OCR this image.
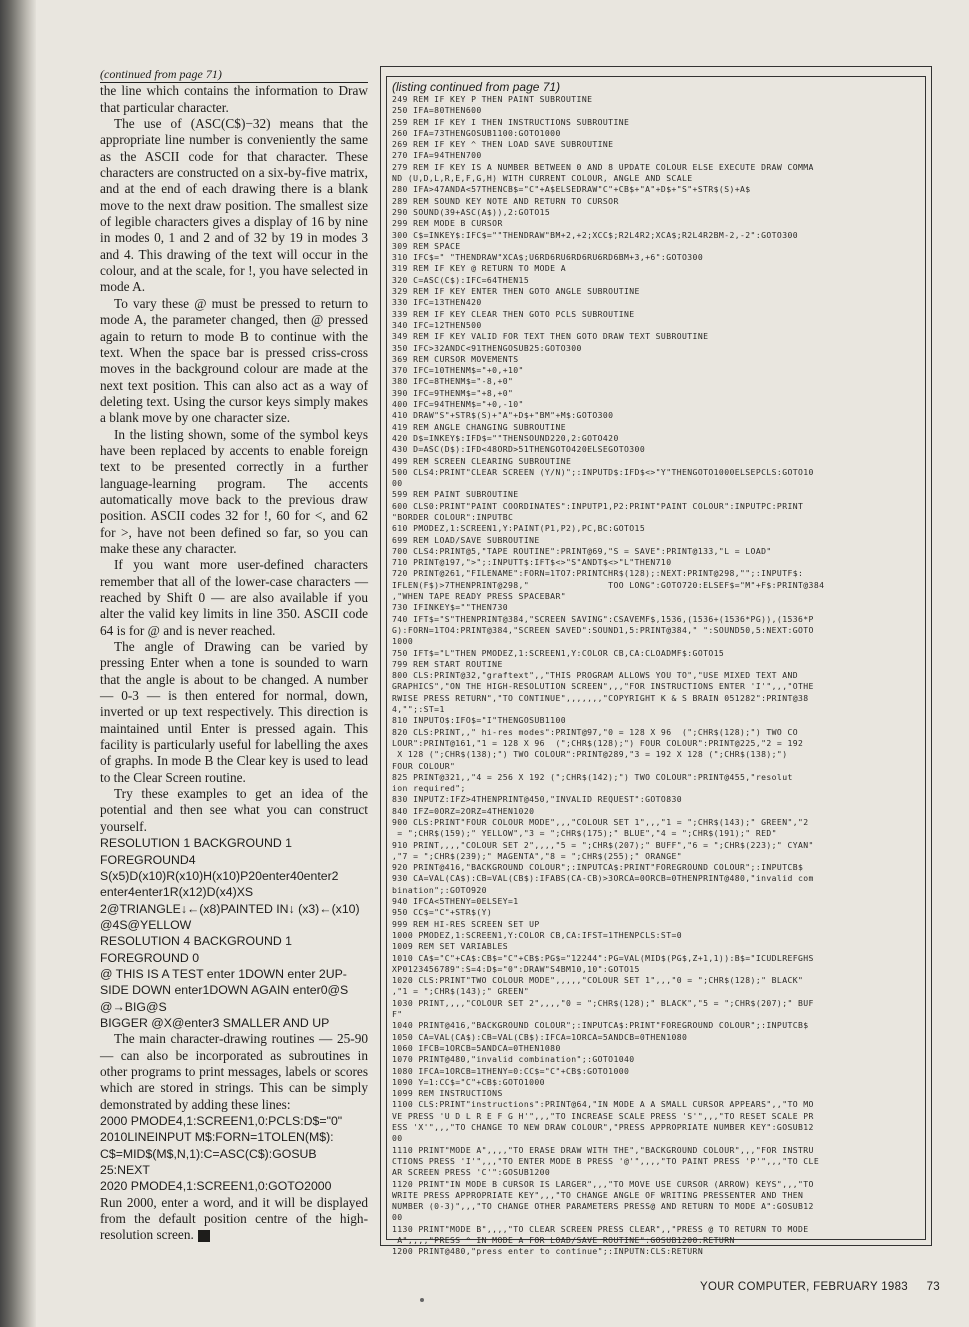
(continued from page 71)

the line which contains the information to Draw that particular character.

The use of (ASC(C$)−32) means that the appropriate line number is conveniently the same as the ASCII code for that character. These characters are constructed on a six-by-five matrix, and at the end of each drawing there is a blank move to the next draw position. The smallest size of legible characters gives a display of 16 by nine in modes 0, 1 and 2 and of 32 by 19 in modes 3 and 4. This drawing of the text will occur in the colour, and at the scale, for !, you have selected in mode A.

To vary these @ must be pressed to return to mode A, the parameter changed, then @ pressed again to return to mode B to continue with the text. When the space bar is pressed criss-cross moves in the background colour are made at the next text position. This can also act as a way of deleting text. Using the cursor keys simply makes a blank move by one character size.

In the listing shown, some of the symbol keys have been replaced by accents to enable foreign text to be presented correctly in a further language-learning program. The accents automatically move back to the previous draw position. ASCII codes 32 for !, 60 for <, and 62 for >, have not been defined so far, so you can make these any character.

If you want more user-defined characters remember that all of the lower-case characters — reached by Shift 0 — are also available if you alter the valid key limits in line 350. ASCII code 64 is for @ and is never reached.

The angle of Drawing can be varied by pressing Enter when a tone is sounded to warn that the angle is about to be changed. A number — 0-3 — is then entered for normal, down, inverted or up text respectively. This direction is maintained until Enter is pressed again. This facility is particularly useful for labelling the axes of graphs. In mode B the Clear key is used to lead to the Clear Screen routine.

Try these examples to get an idea of the potential and then see what you can construct yourself.

RESOLUTION 1 BACKGROUND 1 FOREGROUND4

S(x5)D(x10)R(x10)H(x10)P20enter40enter2 enter4enter1R(x12)D(x4)XS

2@TRIANGLE↓←(x8)PAINTED IN↓ (x3)←(x10) @4S@YELLOW

RESOLUTION 4 BACKGROUND 1 FOREGROUND 0

@ THIS IS A TEST enter 1DOWN enter 2UP-SIDE DOWN enter1DOWN AGAIN enter0@S @→BIG@S

BIGGER @X@enter3 SMALLER AND UP

The main character-drawing routines — 25-90 — can also be incorporated as subroutines in other programs to print messages, labels or scores which are stored in strings. This can be simply demonstrated by adding these lines:

2000 PMODE4,1:SCREEN1,0:PCLS:D$="0"

2010LINEINPUT M$:FORN=1TOLEN(M$): C$=MID$(M$,N,1):C=ASC(C$):GOSUB 25:NEXT

2020 PMODE4,1:SCREEN1,0:GOTO2000

Run 2000, enter a word, and it will be displayed from the default position centre of the high-resolution screen.

(listing continued from page 71)
249 REM IF KEY P THEN PAINT SUBROUTINE
250 IFA=80THEN600
259 REM IF KEY I THEN INSTRUCTIONS SUBROUTINE
260 IFA=73THENGOSUB1100:GOTO1000
269 REM IF KEY ^ THEN LOAD SAVE SUBROUTINE
270 IFA=94THEN700
279 REM IF KEY IS A NUMBER BETWEEN 0 AND 8 UPDATE COLOUR ELSE EXECUTE DRAW COMMA
ND (U,D,L,R,E,F,G,H) WITH CURRENT COLOUR, ANGLE AND SCALE
280 IFA>47ANDA<57THENCB$="C"+A$ELSEDRAW"C"+CB$+"A"+D$+"S"+STR$(S)+A$
289 REM SOUND KEY NOTE AND RETURN TO CURSOR
290 SOUND(39+ASC(A$)),2:GOTO15
299 REM MODE B CURSOR
300 C$=INKEY$:IFC$=""THENDRAW"BM+2,+2;XCC$;R2L4R2;XCA$;R2L4R2BM-2,-2":GOTO300
309 REM SPACE
310 IFC$=" "THENDRAW"XCA$;U6RD6RU6RD6RU6RD6BM+3,+6":GOTO300
319 REM IF KEY @ RETURN TO MODE A
320 C=ASC(C$):IFC=64THEN15
329 REM IF KEY ENTER THEN GOTO ANGLE SUBROUTINE
330 IFC=13THEN420
339 REM IF KEY CLEAR THEN GOTO PCLS SUBROUTINE
340 IFC=12THEN500
349 REM IF KEY VALID FOR TEXT THEN GOTO DRAW TEXT SUBROUTINE
350 IFC>32ANDC<91THENGOSUB25:GOTO300
369 REM CURSOR MOVEMENTS
370 IFC=10THENM$="+0,+10"
380 IFC=8THENM$="-8,+0"
390 IFC=9THENM$="+8,+0"
400 IFC=94THENM$="+0,-10"
410 DRAW"S"+STR$(S)+"A"+D$+"BM"+M$:GOTO300
419 REM ANGLE CHANGING SUBROUTINE
420 D$=INKEY$:IFD$=""THENSOUND220,2:GOTO420
430 D=ASC(D$):IFD<48ORD>51THENGOTO420ELSEGOTO300
499 REM SCREEN CLEARING SUBROUTINE
500 CLS4:PRINT"CLEAR SCREEN (Y/N)";:INPUTD$:IFD$<>"Y"THENGOTO1000ELSEPCLS:GOTO10
00
599 REM PAINT SUBROUTINE
600 CLS0:PRINT"PAINT COORDINATES":INPUTP1,P2:PRINT"PAINT COLOUR":INPUTPC:PRINT
"BORDER COLOUR":INPUTBC
610 PMODEZ,1:SCREEN1,Y:PAINT(P1,P2),PC,BC:GOTO15
699 REM LOAD/SAVE SUBROUTINE
700 CLS4:PRINT@5,"TAPE ROUTINE":PRINT@69,"S = SAVE":PRINT@133,"L = LOAD"
710 PRINT@197,">";:INPUTT$:IFT$<>"S"ANDT$<>"L"THEN710
720 PRINT@261,"FILENAME":FORN=1TO7:PRINTCHR$(128);:NEXT:PRINT@298,"";:INPUTF$:
IFLEN(F$)>7THENPRINT@298,"               TOO LONG":GOTO720:ELSEF$="M"+F$:PRINT@384
,"WHEN TAPE READY PRESS SPACEBAR"
730 IFINKEY$=""THEN730
740 IFT$="S"THENPRINT@384,"SCREEN SAVING":CSAVEMF$,1536,(1536+(1536*PG)),(1536*P
G):FORN=1TO4:PRINT@384,"SCREEN SAVED":SOUND1,5:PRINT@384," ":SOUND50,5:NEXT:GOTO
1000
750 IFT$="L"THEN PMODEZ,1:SCREEN1,Y:COLOR CB,CA:CLOADMF$:GOTO15
799 REM START ROUTINE
800 CLS:PRINT@32,"graftext",,"THIS PROGRAM ALLOWS YOU TO","USE MIXED TEXT AND
GRAPHICS","ON THE HIGH-RESOLUTION SCREEN",,,"FOR INSTRUCTIONS ENTER 'I'",,,"OTHE
RWISE PRESS RETURN","TO CONTINUE",,,,,,,"COPYRIGHT K & S BRAIN 051282":PRINT@38
4,"";:ST=1
810 INPUTO$:IFO$="I"THENGOSUB1100
820 CLS:PRINT,," hi-res modes":PRINT@97,"0 = 128 X 96  (";CHR$(128);") TWO CO
LOUR":PRINT@161,"1 = 128 X 96  (";CHR$(128);") FOUR COLOUR":PRINT@225,"2 = 192
X 128 (";CHR$(138);") TWO COLOUR":PRINT@289,"3 = 192 X 128 (";CHR$(138);")
FOUR COLOUR"
825 PRINT@321,,"4 = 256 X 192 (";CHR$(142);") TWO COLOUR":PRINT@455,"resolut
ion required";
830 INPUTZ:IFZ>4THENPRINT@450,"INVALID REQUEST":GOTO830
840 IFZ=0ORZ=2ORZ=4THEN1020
900 CLS:PRINT"FOUR COLOUR MODE",,,"COLOUR SET 1",,,"1 = ";CHR$(143);" GREEN","2
= ";CHR$(159);" YELLOW","3 = ";CHR$(175);" BLUE","4 = ";CHR$(191);" RED"
910 PRINT,,,,"COLOUR SET 2",,,,"5 = ";CHR$(207);" BUFF","6 = ";CHR$(223);" CYAN"
,"7 = ";CHR$(239);" MAGENTA","8 = ";CHR$(255);" ORANGE"
920 PRINT@416,"BACKGROUND COLOUR";:INPUTCA$:PRINT"FOREGROUND COLOUR";:INPUTCB$
930 CA=VAL(CA$):CB=VAL(CB$):IFABS(CA-CB)>3ORCA=0ORCB=0THENPRINT@480,"invalid com
bination";:GOTO920
940 IFCA<5THENY=0ELSEY=1
950 CC$="C"+STR$(Y)
999 REM HI-RES SCREEN SET UP
1000 PMODEZ,1:SCREEN1,Y:COLOR CB,CA:IFST=1THENPCLS:ST=0
1009 REM SET VARIABLES
1010 CA$="C"+CA$:CB$="C"+CB$:PG$="12244":PG=VAL(MID$(PG$,Z+1,1)):B$="ICUDLREFGHS
XP0123456789":S=4:D$="0":DRAW"S4BM10,10":GOTO15
1020 CLS:PRINT"TWO COLOUR MODE",,,,,"COLOUR SET 1",,,"0 = ";CHR$(128);" BLACK"
,"1 = ";CHR$(143);" GREEN"
1030 PRINT,,,,"COLOUR SET 2",,,,"0 = ";CHR$(128);" BLACK","5 = ";CHR$(207);" BUF
F"
1040 PRINT@416,"BACKGROUND COLOUR";:INPUTCA$:PRINT"FOREGROUND COLOUR";:INPUTCB$
1050 CA=VAL(CA$):CB=VAL(CB$):IFCA=1ORCA=5ANDCB=0THEN1080
1060 IFCB=1ORCB=5ANDCA=0THEN1080
1070 PRINT@480,"invalid combination";:GOTO1040
1080 IFCA=1ORCB=1THENY=0:CC$="C"+CB$:GOTO1000
1090 Y=1:CC$="C"+CB$:GOTO1000
1099 REM INSTRUCTIONS
1100 CLS:PRINT"instructions":PRINT@64,"IN MODE A A SMALL CURSOR APPEARS",,"TO MO
VE PRESS 'U D L R E F G H'",,,"TO INCREASE SCALE PRESS 'S'",,,"TO RESET SCALE PR
ESS 'X'",,,"TO CHANGE TO NEW DRAW COLOUR","PRESS APPROPRIATE NUMBER KEY":GOSUB12
00
1110 PRINT"MODE A",,,,"TO ERASE DRAW WITH THE","BACKGROUND COLOUR",,,"FOR INSTRU
CTIONS PRESS 'I'",,,"TO ENTER MODE B PRESS '@'",,,,"TO PAINT PRESS 'P'",,,"TO CLE
AR SCREEN PRESS 'C'":GOSUB1200
1120 PRINT"IN MODE B CURSOR IS LARGER",,,"TO MOVE USE CURSOR (ARROW) KEYS",,,"TO
WRITE PRESS APPROPRIATE KEY",,,"TO CHANGE ANGLE OF WRITING PRESSENTER AND THEN
NUMBER (0-3)",,,"TO CHANGE OTHER PARAMETERS PRESS@ AND RETURN TO MODE A":GOSUB12
00
1130 PRINT"MODE B",,,,"TO CLEAR SCREEN PRESS CLEAR",,"PRESS @ TO RETURN TO MODE
A",,,,"PRESS ^ IN MODE A FOR LOAD/SAVE ROUTINE":GOSUB1200:RETURN
1200 PRINT@480,"press enter to continue";:INPUTN:CLS:RETURN
YOUR COMPUTER, FEBRUARY 1983 73
